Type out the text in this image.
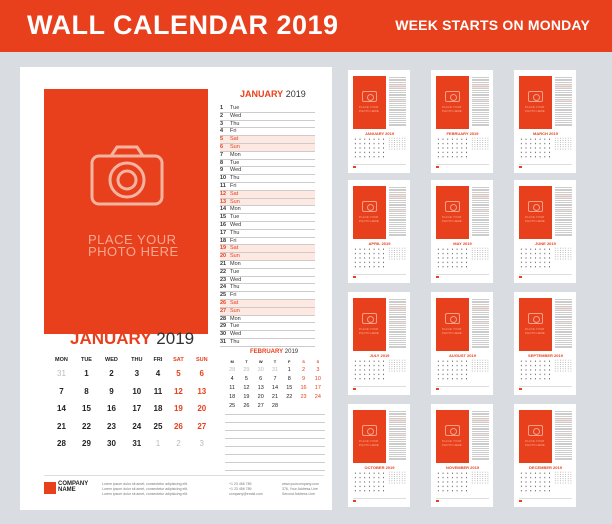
WALL CALENDAR 2019	WEEK STARTS ON MONDAY
PLACE YOUR
PHOTO HERE
JANUARY 2019
1	Tue
2	Wed
3	Thu
4	Fri
5	Sat
6	Sun
7	Mon
8	Tue
9	Wed
10 Thu
11 Fri
12 Sat
13 Sun
14 Mon
15 Tue
16 Wed
17 Thu
18 Fri
19 Sat
20 Sun
21 Mon
22 Tue
23 Wed
24 Thu
25 Fri
26 Sat
27 Sun
28 Mon
29 Tue
30 Wed
31 Thu
JANUARY 2019
MON	TUE	WED	THU	FRI	SAT	SUN
31	1	2	3	4	5	6
7	8	9	10	11	12	13
14	15	16	17	18	19	20
21	22	23	24	25	26	27
28	29	30	31	1	2	3
FEBRUARY 2019
M	T	W	T	F	S	S
28	29	30	31	1	2	3
4	5	6	7	8	9	10
11	12	13	14	15	16	17
18	19	20	21	22	23	24
25	26	27	28			
COMPANY
NAME
Lorem ipsum dolor sit amet, consectetur adipisicing elit.
Lorem ipsum dolor sit amet, consectetur adipisicing elit.
Lorem ipsum dolor sit amet, consectetur adipisicing elit.
+1 23 456 789
+1 23 456 789
company@email.com
www.yourcompany.com
376, Your Address Line
Second Address Line
PLACE YOUR
PHOTO HERE
JANUARY 2019
PLACE YOUR
PHOTO HERE
FEBRUARY 2019
PLACE YOUR
PHOTO HERE
MARCH 2019
PLACE YOUR
PHOTO HERE
APRIL 2019
PLACE YOUR
PHOTO HERE
MAY 2019
PLACE YOUR
PHOTO HERE
JUNE 2019
PLACE YOUR
PHOTO HERE
JULY 2019
PLACE YOUR
PHOTO HERE
AUGUST 2019
PLACE YOUR
PHOTO HERE
SEPTEMBER 2019
PLACE YOUR
PHOTO HERE
OCTOBER 2019
PLACE YOUR
PHOTO HERE
NOVEMBER 2019
PLACE YOUR
PHOTO HERE
DECEMBER 2019
